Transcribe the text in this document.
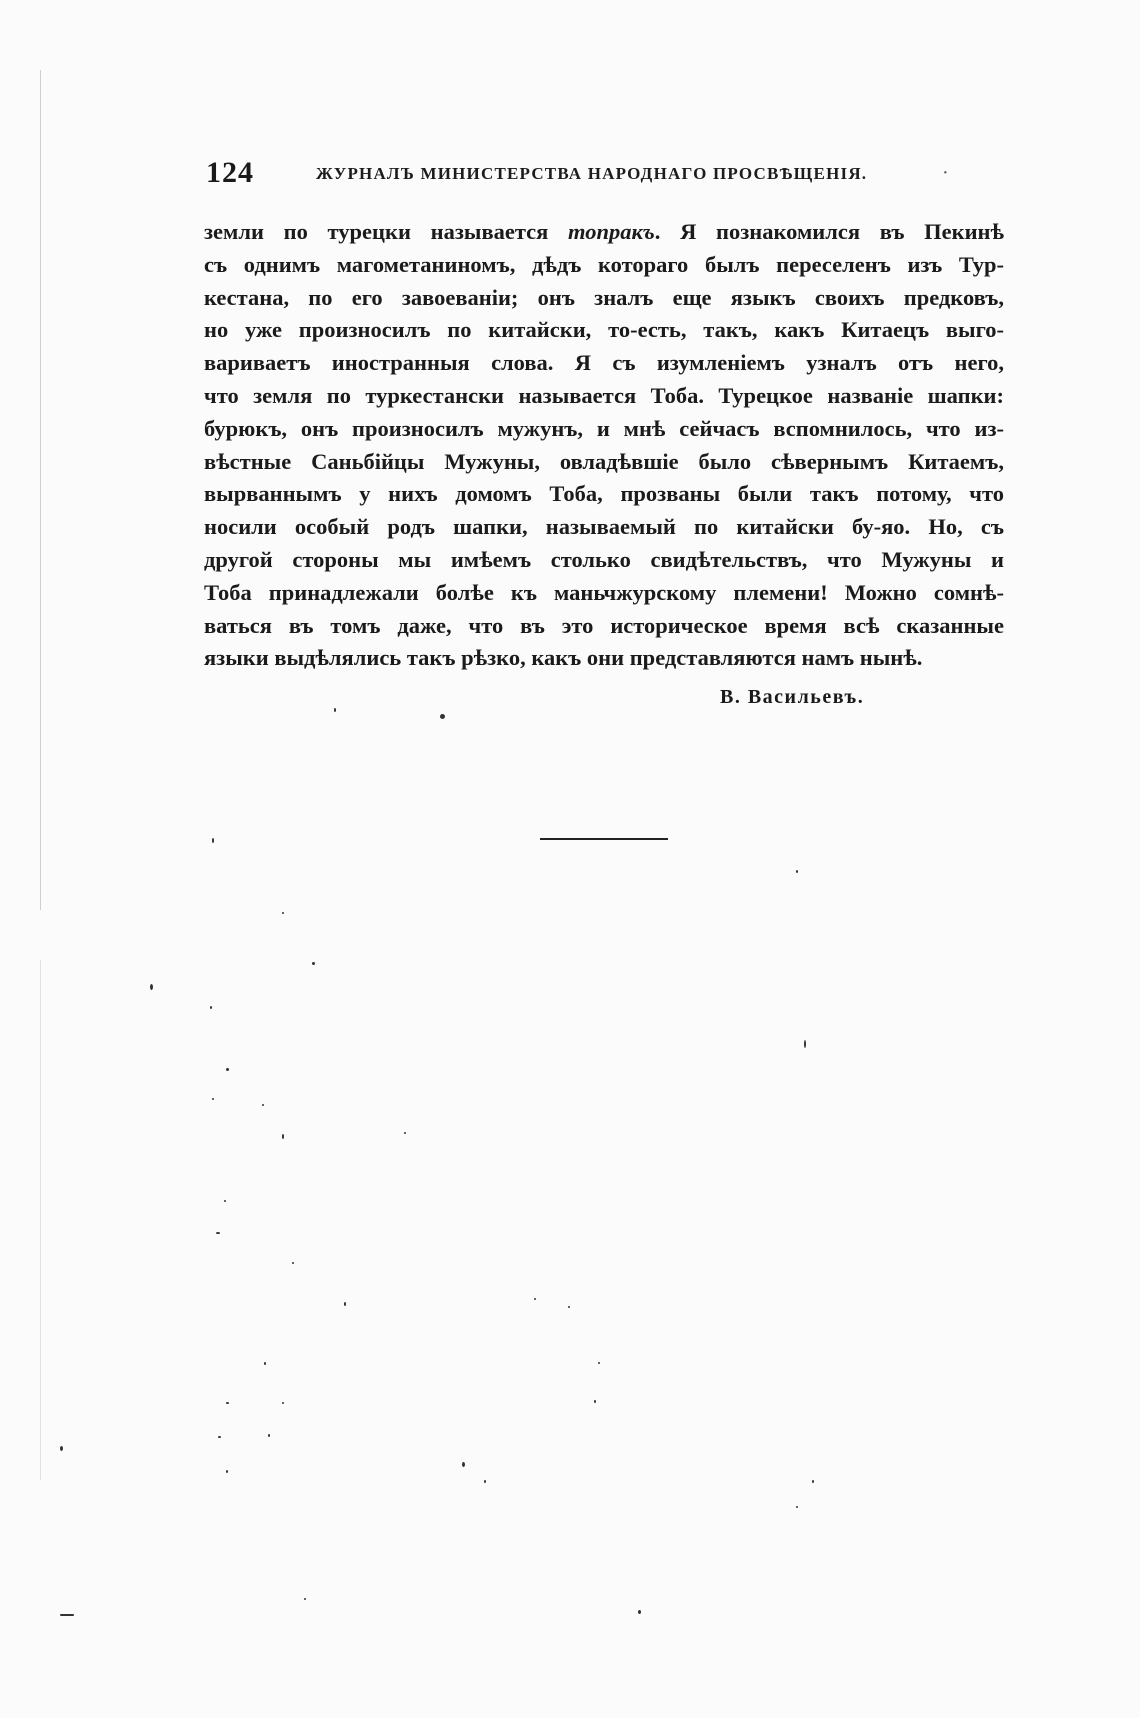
124	ЖУРНАЛЪ МИНИСТЕРСТВА НАРОДНАГО ПРОСВѢЩЕНІЯ.	·
земли по турецки называется топракъ. Я познакомился въ Пекинѣ
съ однимъ магометаниномъ, дѣдъ котораго былъ переселенъ изъ Тур-
кестана, по его завоеваніи; онъ зналъ еще языкъ своихъ предковъ,
но уже произносилъ по китайски, то-есть, такъ, какъ Китаецъ выго-
вариваетъ иностранныя слова. Я съ изумленіемъ узналъ отъ него,
что земля по туркестански называется Тоба. Турецкое названіе шапки:
бурюкъ, онъ произносилъ мужунъ, и мнѣ сейчасъ вспомнилось, что из-
вѣстные Саньбійцы Мужуны, овладѣвшіе было сѣвернымъ Китаемъ,
вырваннымъ у нихъ домомъ Тоба, прозваны были такъ потому, что
носили особый родъ шапки, называемый по китайски бу-яо. Но, съ
другой стороны мы имѣемъ столько свидѣтельствъ, что Мужуны и
Тоба принадлежали болѣе къ маньчжурскому племени! Можно сомнѣ-
ваться въ томъ даже, что въ это историческое время всѣ сказанные
языки выдѣлялись такъ рѣзко, какъ они представляются намъ нынѣ.
В. Васильевъ.
